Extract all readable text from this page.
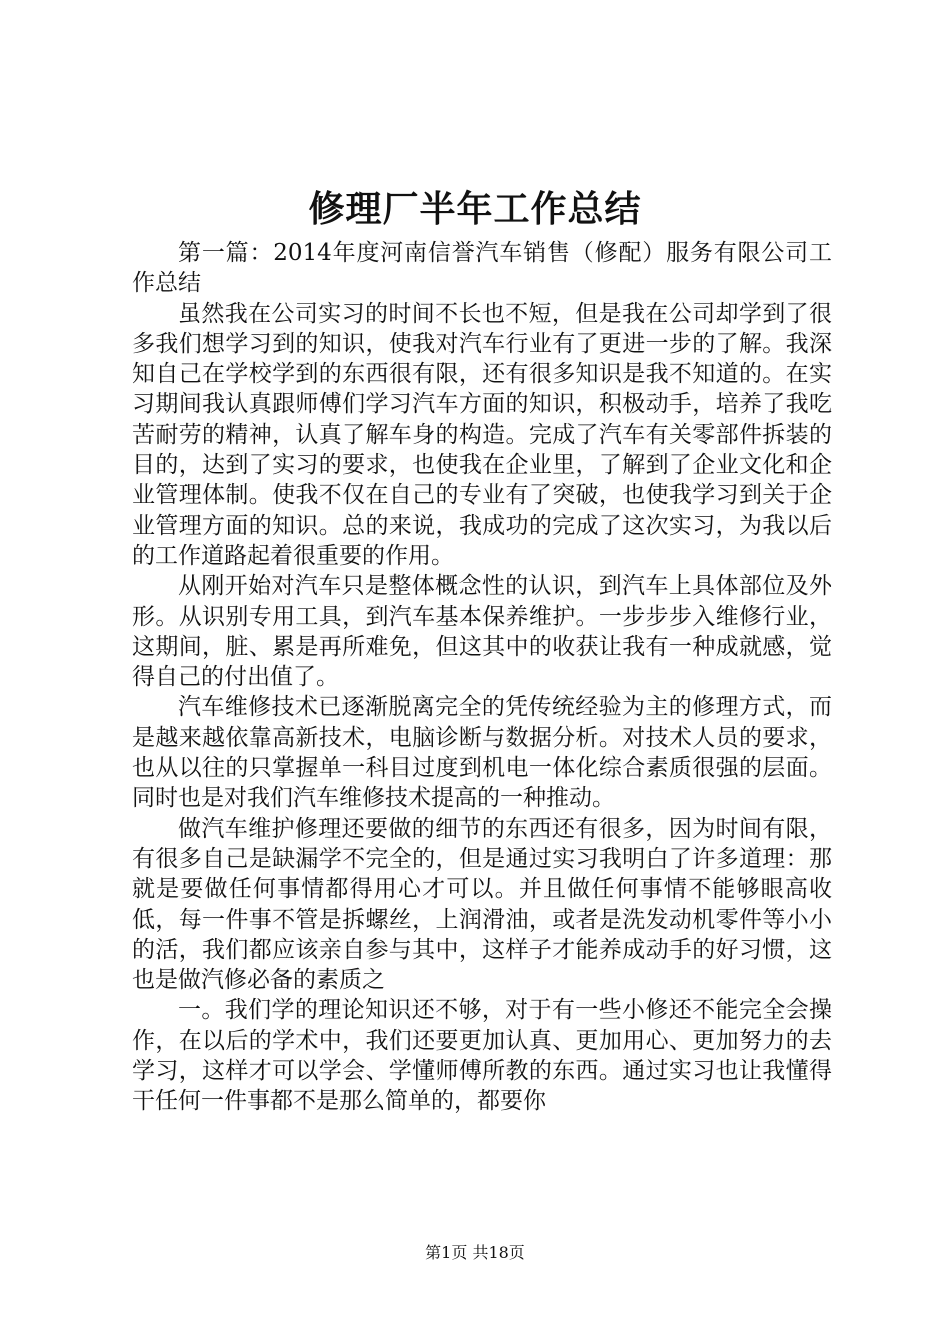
修理厂半年工作总结

第一篇：2014年度河南信誉汽车销售（修配）服务有限公司工作总结

虽然我在公司实习的时间不长也不短，但是我在公司却学到了很多我们想学习到的知识，使我对汽车行业有了更进一步的了解。我深知自己在学校学到的东西很有限，还有很多知识是我不知道的。在实习期间我认真跟师傅们学习汽车方面的知识，积极动手，培养了我吃苦耐劳的精神，认真了解车身的构造。完成了汽车有关零部件拆装的目的，达到了实习的要求，也使我在企业里，了解到了企业文化和企业管理体制。使我不仅在自己的专业有了突破，也使我学习到关于企业管理方面的知识。总的来说，我成功的完成了这次实习，为我以后的工作道路起着很重要的作用。

从刚开始对汽车只是整体概念性的认识，到汽车上具体部位及外形。从识别专用工具，到汽车基本保养维护。一步步步入维修行业，这期间，脏、累是再所难免，但这其中的收获让我有一种成就感，觉得自己的付出值了。

汽车维修技术已逐渐脱离完全的凭传统经验为主的修理方式，而是越来越依靠高新技术，电脑诊断与数据分析。对技术人员的要求，也从以往的只掌握单一科目过度到机电一体化综合素质很强的层面。同时也是对我们汽车维修技术提高的一种推动。

做汽车维护修理还要做的细节的东西还有很多，因为时间有限，有很多自己是缺漏学不完全的，但是通过实习我明白了许多道理：那就是要做任何事情都得用心才可以。并且做任何事情不能够眼高收低，每一件事不管是拆螺丝，上润滑油，或者是洗发动机零件等小小的活，我们都应该亲自参与其中，这样子才能养成动手的好习惯，这也是做汽修必备的素质之

一。我们学的理论知识还不够，对于有一些小修还不能完全会操作，在以后的学术中，我们还要更加认真、更加用心、更加努力的去学习，这样才可以学会、学懂师傅所教的东西。通过实习也让我懂得干任何一件事都不是那么简单的，都要你

第1页 共18页
